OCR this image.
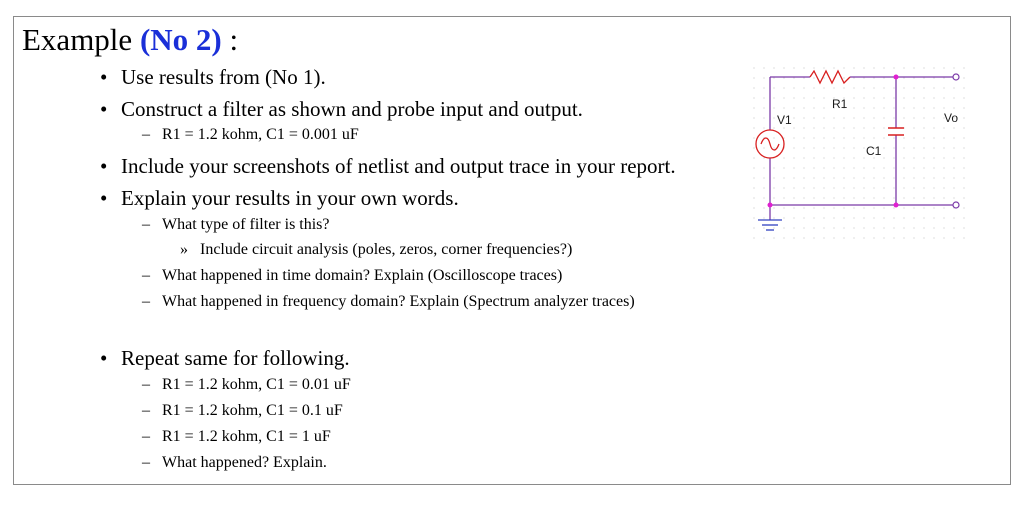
Example (No 2) :
• Use results from (No 1).
• Construct a filter as shown and probe input and output.
– R1 = 1.2 kohm, C1 = 0.001 uF
• Include your screenshots of netlist and output trace in your report.
• Explain your results in your own words.
– What type of filter is this?
» Include circuit analysis (poles, zeros, corner frequencies?)
– What happened in time domain? Explain (Oscilloscope traces)
– What happened in frequency domain? Explain (Spectrum analyzer traces)
• Repeat same for following.
– R1 = 1.2 kohm, C1 = 0.01 uF
– R1 = 1.2 kohm, C1 = 0.1 uF
– R1 = 1.2 kohm, C1 = 1 uF
– What happened? Explain.
R1
V1
C1
Vo
